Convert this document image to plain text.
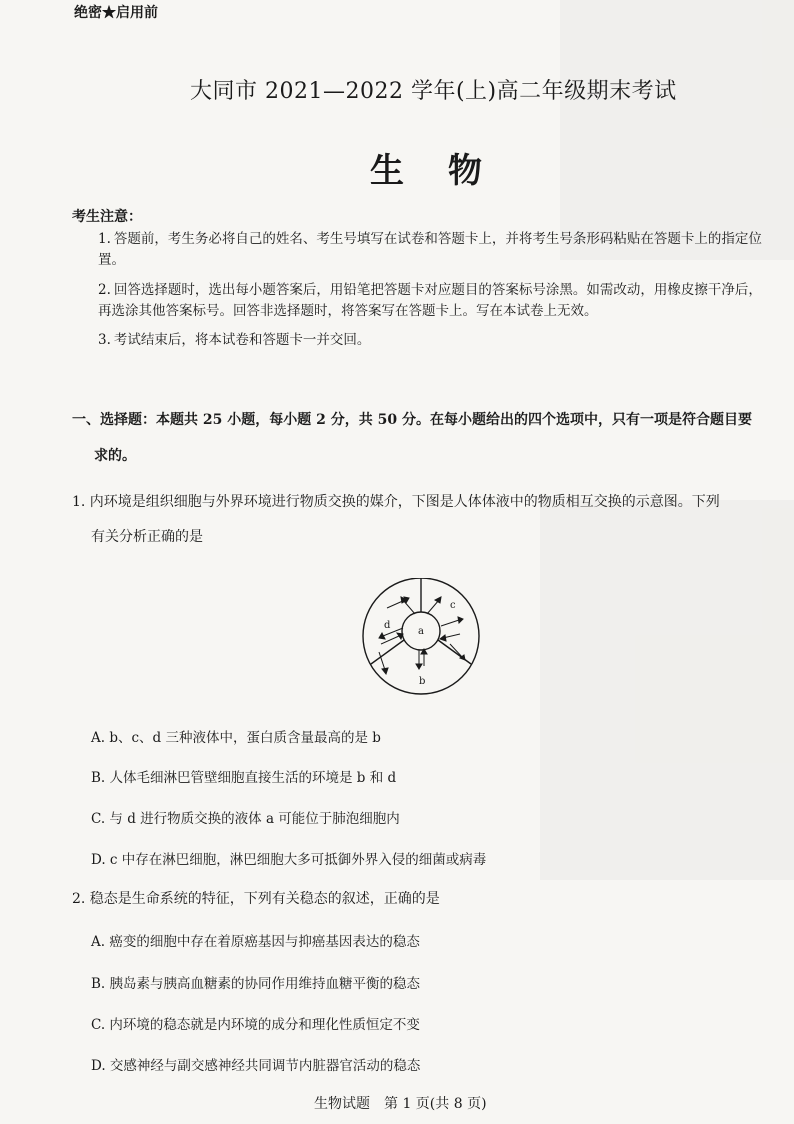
绝密★启用前
大同市 2021—2022 学年(上)高二年级期末考试
生物
考生注意：
1. 答题前，考生务必将自己的姓名、考生号填写在试卷和答题卡上，并将考生号条形码粘贴在答题卡上的指定位置。
2. 回答选择题时，选出每小题答案后，用铅笔把答题卡对应题目的答案标号涂黑。如需改动，用橡皮擦干净后，再选涂其他答案标号。回答非选择题时，将答案写在答题卡上。写在本试卷上无效。
3. 考试结束后，将本试卷和答题卡一并交回。
一、选择题：本题共 25 小题，每小题 2 分，共 50 分。在每小题给出的四个选项中，只有一项是符合题目要
求的。
1. 内环境是组织细胞与外界环境进行物质交换的媒介，下图是人体体液中的物质相互交换的示意图。下列
有关分析正确的是
a
b
c
d
A. b、c、d 三种液体中，蛋白质含量最高的是 b
B. 人体毛细淋巴管壁细胞直接生活的环境是 b 和 d
C. 与 d 进行物质交换的液体 a 可能位于肺泡细胞内
D. c 中存在淋巴细胞，淋巴细胞大多可抵御外界入侵的细菌或病毒
2. 稳态是生命系统的特征，下列有关稳态的叙述，正确的是
A. 癌变的细胞中存在着原癌基因与抑癌基因表达的稳态
B. 胰岛素与胰高血糖素的协同作用维持血糖平衡的稳态
C. 内环境的稳态就是内环境的成分和理化性质恒定不变
D. 交感神经与副交感神经共同调节内脏器官活动的稳态
生物试题　第 1 页(共 8 页)
